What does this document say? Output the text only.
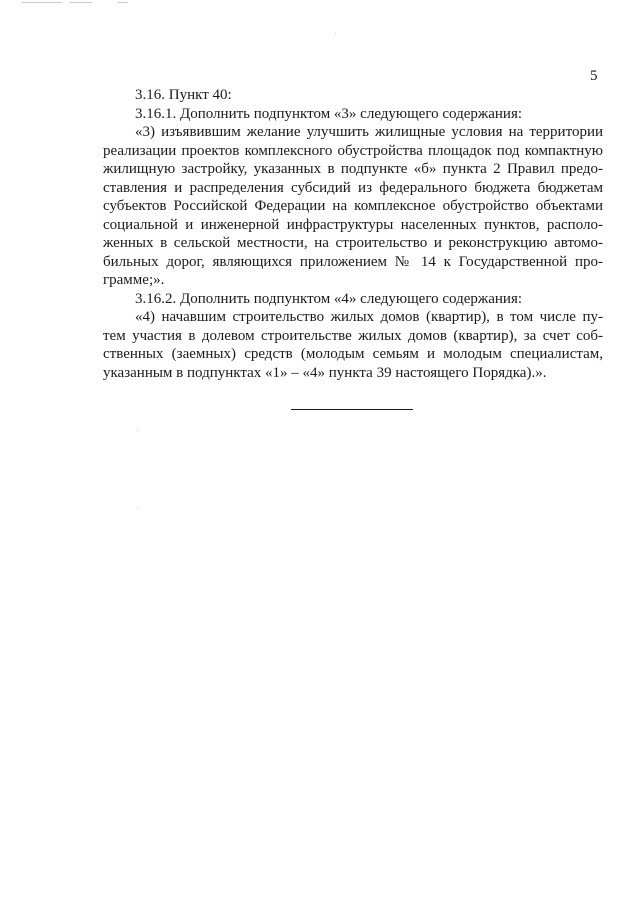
5
3.16. Пункт 40:
3.16.1. Дополнить подпунктом «3» следующего содержания:
«3) изъявившим желание улучшить жилищные условия на территории
реализации проектов комплексного обустройства площадок под компактную
жилищную застройку, указанных в подпункте «б» пункта 2 Правил предо-
ставления и распределения субсидий из федерального бюджета бюджетам
субъектов Российской Федерации на комплексное обустройство объектами
социальной и инженерной инфраструктуры населенных пунктов, располо-
женных в сельской местности, на строительство и реконструкцию автомо-
бильных дорог, являющихся приложением № 14 к Государственной про-
грамме;».
3.16.2. Дополнить подпунктом «4» следующего содержания:
«4) начавшим строительство жилых домов (квартир), в том числе пу-
тем участия в долевом строительстве жилых домов (квартир), за счет соб-
ственных (заемных) средств (молодым семьям и молодым специалистам,
указанным в подпунктах «1» – «4» пункта 39 настоящего Порядка).».
